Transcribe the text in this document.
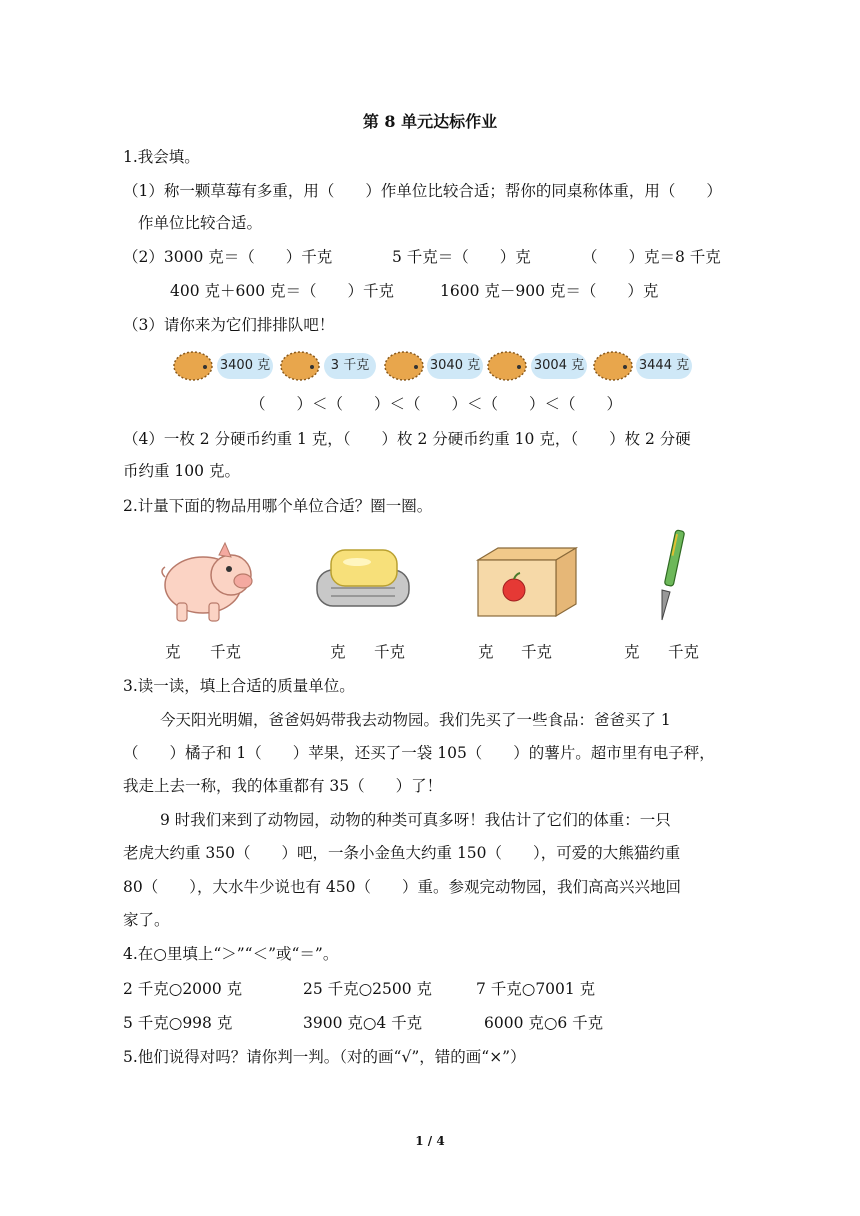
第 8 单元达标作业
1.我会填。
（1）称一颗草莓有多重，用（　　）作单位比较合适；帮你的同桌称体重，用（　　）
作单位比较合适。
（2）3000 克＝（　　）千克	5 千克＝（　　）克	（　　）克＝8 千克
400 克＋600 克＝（　　）千克	1600 克－900 克＝（　　）克
（3）请你来为它们排排队吧！
3400 克	3 千克	3040 克	3004 克	3444 克
（　　）＜（　　）＜（　　）＜（　　）＜（　　）
（4）一枚 2 分硬币约重 1 克，（　　）枚 2 分硬币约重 10 克，（　　）枚 2 分硬
币约重 100 克。
2.计量下面的物品用哪个单位合适？圈一圈。
克 千克	克 千克	克 千克	克 千克
3.读一读，填上合适的质量单位。
今天阳光明媚，爸爸妈妈带我去动物园。我们先买了一些食品：爸爸买了 1
（　　）橘子和 1（　　）苹果，还买了一袋 105（　　）的薯片。超市里有电子秤，
我走上去一称，我的体重都有 35（　　）了！
9 时我们来到了动物园，动物的种类可真多呀！我估计了它们的体重：一只
老虎大约重 350（　　）吧，一条小金鱼大约重 150（　　），可爱的大熊猫约重
80（　　），大水牛少说也有 450（　　）重。参观完动物园，我们高高兴兴地回
家了。
4.在○里填上“＞”“＜”或“＝”。
2 千克○2000 克	25 千克○2500 克	7 千克○7001 克
5 千克○998 克	3900 克○4 千克	6000 克○6 千克
5.他们说得对吗？请你判一判。（对的画“√”，错的画“×”）
1 / 4
